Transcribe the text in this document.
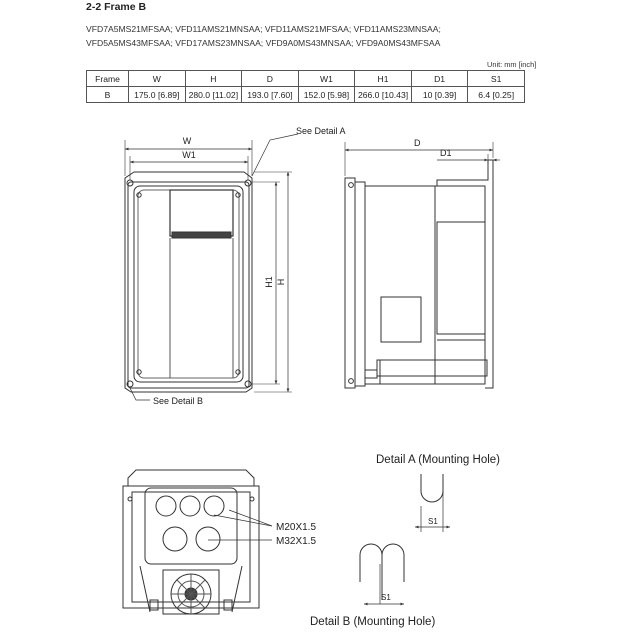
2-2 Frame B
VFD7A5MS21MFSAA; VFD11AMS21MNSAA; VFD11AMS21MFSAA; VFD11AMS23MNSAA;
VFD5A5MS43MFSAA; VFD17AMS23MNSAA; VFD9A0MS43MNSAA; VFD9A0MS43MFSAA
Unit: mm [inch]
Frame	W	H	D	W1	H1	D1	S1
B	175.0 [6.89]	280.0 [11.02]	193.0 [7.60]	152.0 [5.98]	266.0 [10.43]	10 [0.39]	6.4 [0.25]
W
W1
See Detail A
See Detail B
H1 H
D
D1
M20X1.5
M32X1.5
Detail A (Mounting Hole)
Detail B (Mounting Hole)
S1
S1
